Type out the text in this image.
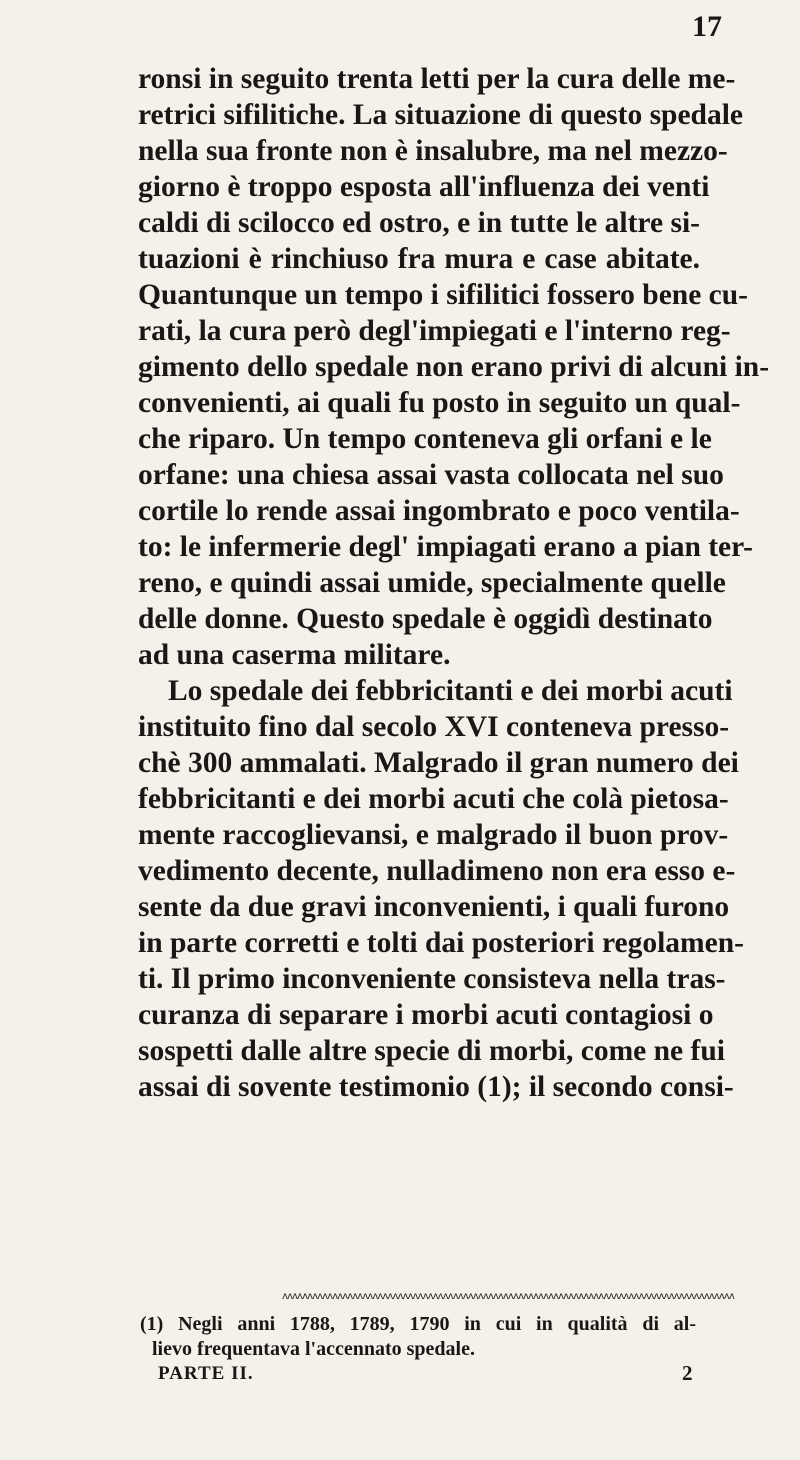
17
ronsi in seguito trenta letti per la cura delle me-
retrici sifilitiche. La situazione di questo spedale
nella sua fronte non è insalubre, ma nel mezzo-
giorno è troppo esposta all'influenza dei venti
caldi di scilocco ed ostro, e in tutte le altre si-
tuazioni è rinchiuso fra mura e case abitate.
Quantunque un tempo i sifilitici fossero bene cu-
rati, la cura però degl'impiegati e l'interno reg-
gimento dello spedale non erano privi di alcuni in-
convenienti, ai quali fu posto in seguito un qual-
che riparo. Un tempo conteneva gli orfani e le
orfane: una chiesa assai vasta collocata nel suo
cortile lo rende assai ingombrato e poco ventila-
to: le infermerie degl' impiagati erano a pian ter-
reno, e quindi assai umide, specialmente quelle
delle donne. Questo spedale è oggidì destinato
ad una caserma militare.
Lo spedale dei febbricitanti e dei morbi acuti
instituito fino dal secolo XVI conteneva presso-
chè 300 ammalati. Malgrado il gran numero dei
febbricitanti e dei morbi acuti che colà pietosa-
mente raccoglievansi, e malgrado il buon prov-
vedimento decente, nulladimeno non era esso e-
sente da due gravi inconvenienti, i quali furono
in parte corretti e tolti dai posteriori regolamen-
ti. Il primo inconveniente consisteva nella tras-
curanza di separare i morbi acuti contagiosi o
sospetti dalle altre specie di morbi, come ne fui
assai di sovente testimonio (1); il secondo consi-
ʌʌʌʌʌʌʌʌʌʌʌʌʌʌʌʌʌʌʌʌʌʌʌʌʌʌʌʌʌʌʌʌʌʌʌʌʌʌʌʌʌʌʌʌʌʌʌʌʌʌʌʌʌʌʌʌʌʌʌʌʌʌʌʌʌʌʌʌʌʌʌʌʌʌʌʌʌʌʌʌʌʌʌʌʌʌʌʌʌʌ
(1) Negli anni 1788, 1789, 1790 in cui in qualità di al-
lievo frequentava l'accennato spedale.
PARTE II.	2
